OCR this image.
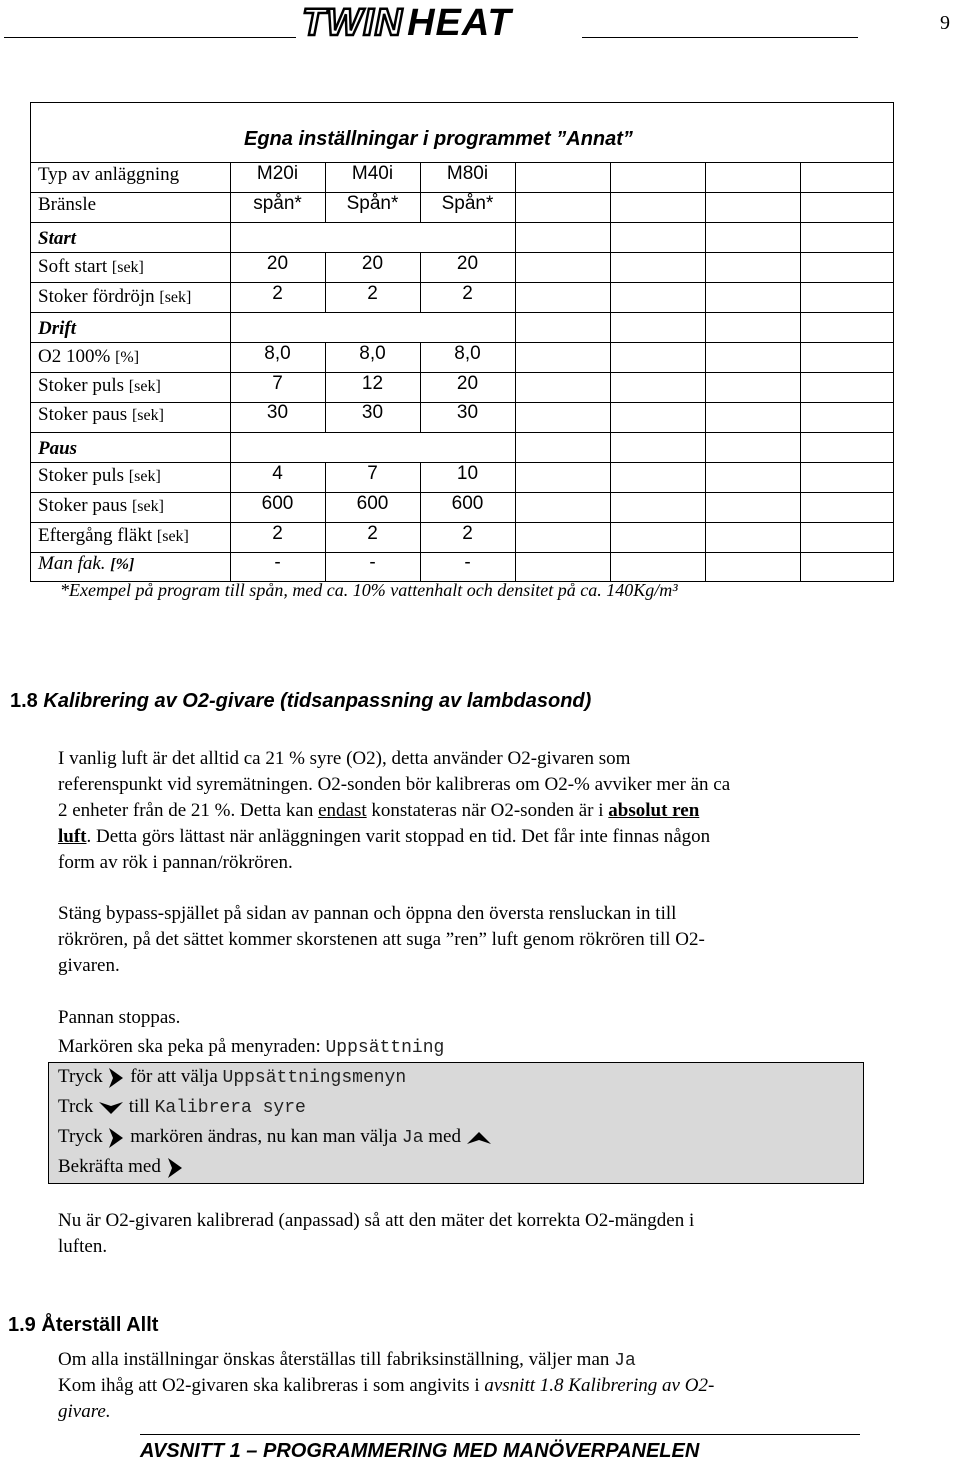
TWIN HEAT	9
Egna inställningar i programmet ”Annat”
Typ av anläggning	M20i	M40i	M80i
Bränsle	spån*	Spån*	Spån*
Start
Soft start [sek]	20	20	20
Stoker fördröjn [sek]	2	2	2
Drift
O2 100% [%]	8,0	8,0	8,0
Stoker puls [sek]	7	12	20
Stoker paus [sek]	30	30	30
Paus
Stoker puls [sek]	4	7	10
Stoker paus [sek]	600	600	600
Eftergång fläkt [sek]	2	2	2
Man fak. [%]	-	-	-
*Exempel på program till spån, med ca. 10% vattenhalt och densitet på ca. 140Kg/m³
1.8 Kalibrering av O2-givare (tidsanpassning av lambdasond)
I vanlig luft är det alltid ca 21 % syre (O2), detta använder O2-givaren som
referenspunkt vid syremätningen. O2-sonden bör kalibreras om O2-% avviker mer än ca
2 enheter från de 21 %. Detta kan endast konstateras när O2-sonden är i absolut ren
luft. Detta görs lättast när anläggningen varit stoppad en tid. Det får inte finnas någon
form av rök i pannan/rökrören.
Stäng bypass-spjället på sidan av pannan och öppna den översta rensluckan in till
rökrören, på det sättet kommer skorstenen att suga ”ren” luft genom rökrören till O2-
givaren.
Pannan stoppas.
Markören ska peka på menyraden: Uppsättning
Tryck för att välja Uppsättningsmenyn
Trck till Kalibrera syre
Tryck markören ändras, nu kan man välja Ja med
Bekräfta med
Nu är O2-givaren kalibrerad (anpassad) så att den mäter det korrekta O2-mängden i
luften.
1.9 Återställ Allt
Om alla inställningar önskas återställas till fabriksinställning, väljer man Ja
Kom ihåg att O2-givaren ska kalibreras i som angivits i avsnitt 1.8 Kalibrering av O2-
givare.
AVSNITT 1 – PROGRAMMERING MED MANÖVERPANELEN
